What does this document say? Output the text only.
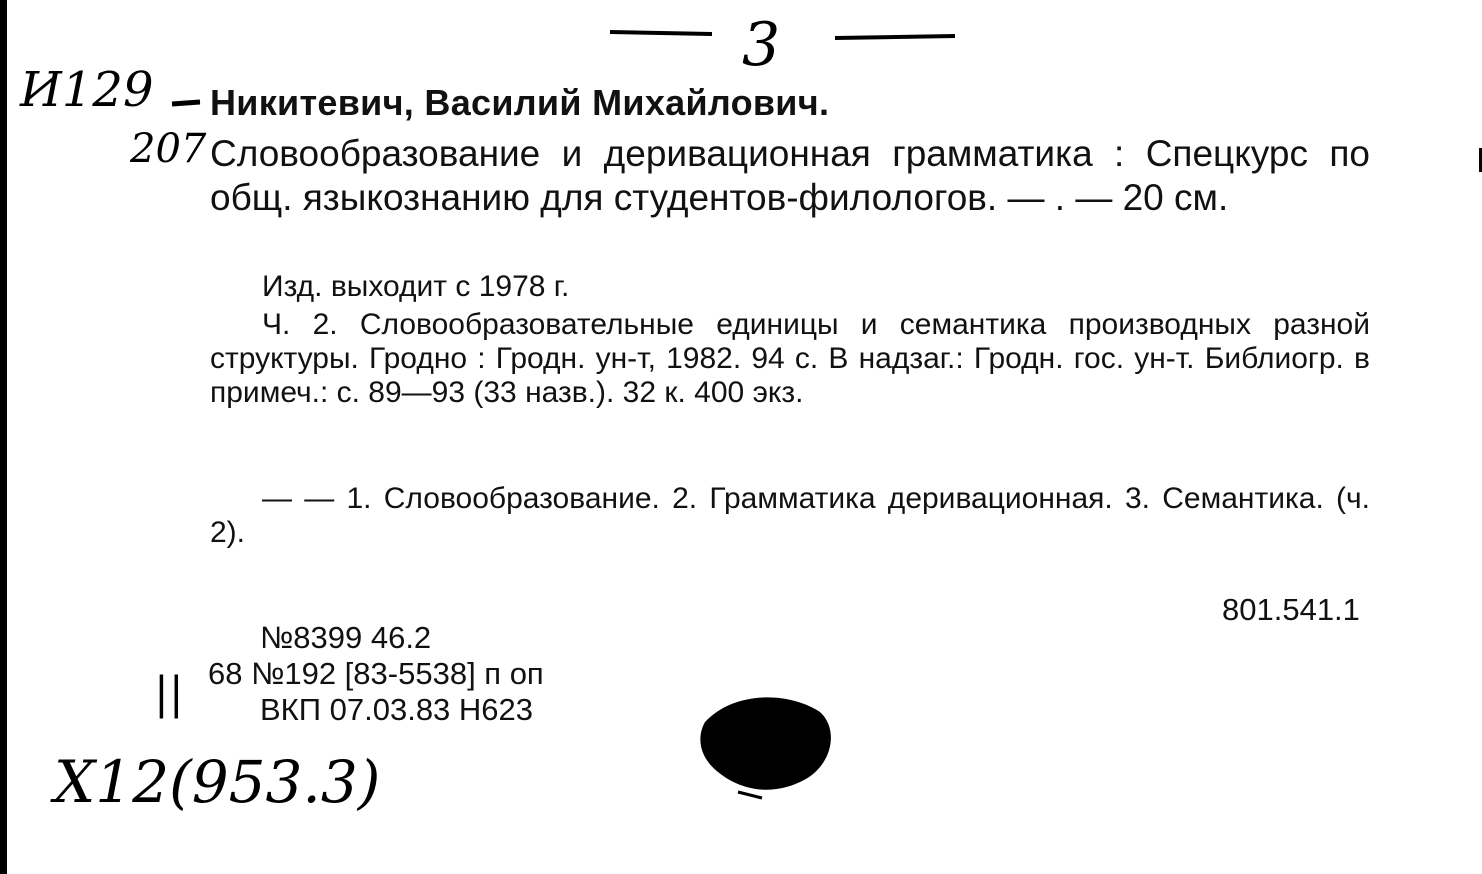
3
И129
207
Никитевич, Василий Михайлович.
Словообразование и деривационная грамматика : Спецкурс по общ. языкознанию для студентов-филологов. — . — 20 см.
Изд. выходит с 1978 г.
Ч. 2. Словообразовательные единицы и семантика производных разной структуры. Гродно : Гродн. ун-т, 1982. 94 с. В надзаг.: Гродн. гос. ун-т. Библиогр. в примеч.: с. 89—93 (33 назв.). 32 к. 400 экз.
— — 1. Словообразование. 2. Грамматика деривационная. 3. Семантика. (ч. 2).
801.541.1
№8399 46.2
68 №192 [83-5538] п оп
ВКП 07.03.83 Н623
||
Х12(953.3)
